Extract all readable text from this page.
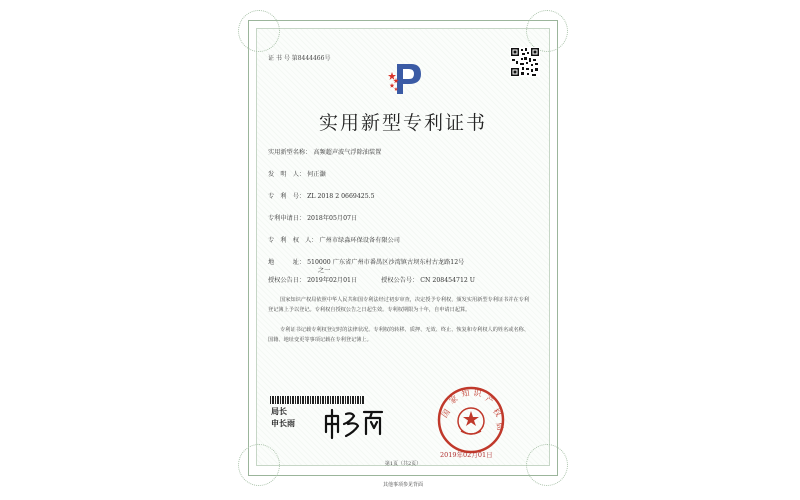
证 书 号 第8444466号
实用新型专利证书
实用新型名称： 高频超声波气浮除油装置
发　明　人： 何正灏
专　利　号： ZL 2018 2 0669425.5
专利申请日： 2018年05月07日
专　利　权　人： 广州市绿淼环保设备有限公司
地　　　址： 510000 广东省广州市番禺区沙湾镇古坝东村古龙路12号
之一
授权公告日： 2019年02月01日	授权公告号： CN 208454712 U
国家知识产权局依照中华人民共和国专利法经过初步审查，决定授予专利权，颁发实用新型专利证书并在专利登记簿上予以登记。专利权自授权公告之日起生效。专利权期限为十年，自申请日起算。
专利证书记载专利权登记时的法律状况。专利权的转移、质押、无效、终止、恢复和专利权人的姓名或名称、国籍、地址变更等事项记载在专利登记簿上。
局长
申长雨
国
家
知 识
产
权
局
2019年02月01日
第1页（共2页）
其他事项参见背面
